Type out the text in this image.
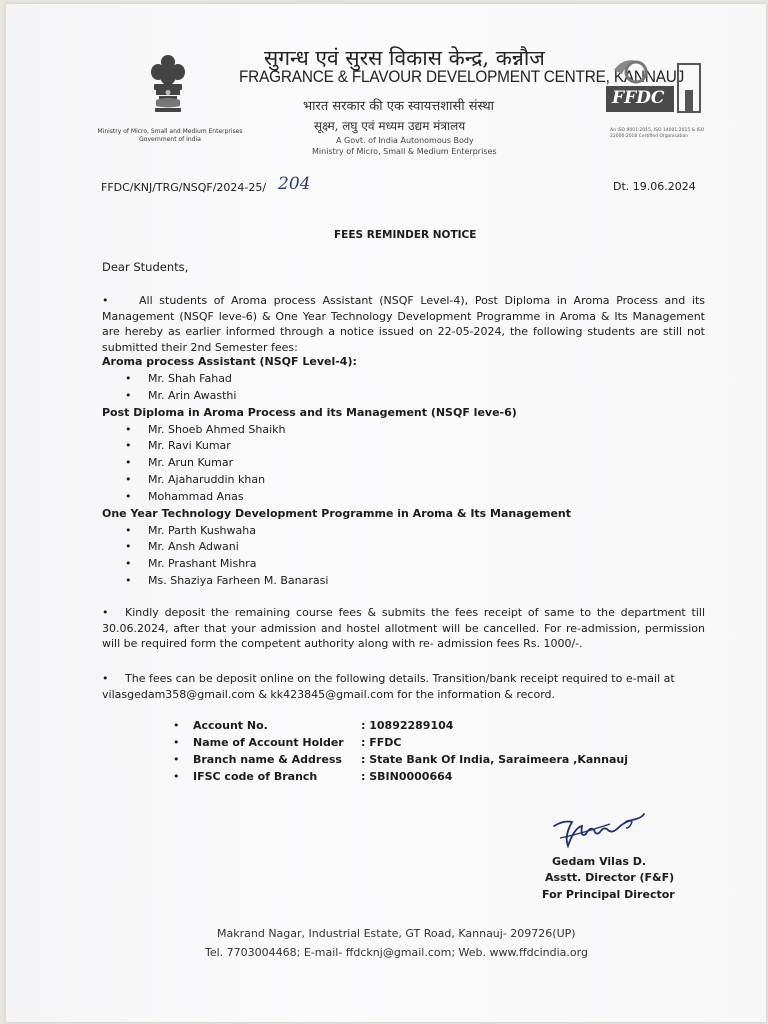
Ministry of Micro, Small and Medium Enterprises
Government of India
सुगन्ध एवं सुरस विकास केन्द्र, कन्नौज
FRAGRANCE & FLAVOUR DEVELOPMENT CENTRE, KANNAUJ
भारत सरकार की एक स्वायत्तशासी संस्था
सूक्ष्म, लघु एवं मध्यम उद्यम मंत्रालय
A Govt. of India Autonomous Body
Ministry of Micro, Small & Medium Enterprises
FFDC
An ISO 9001:2015, ISO 14001:2015 & ISO 22000:2018 Certified Organisation
FFDC/KNJ/TRG/NSQF/2024-25/ 204	Dt. 19.06.2024
FEES REMINDER NOTICE
Dear Students,
•	All students of Aroma process Assistant (NSQF Level-4), Post Diploma in Aroma Process and its Management (NSQF leve-6) & One Year Technology Development Programme in Aroma & Its Management are hereby as earlier informed through a notice issued on 22-05-2024, the following students are still not submitted their 2nd Semester fees:
Aroma process Assistant (NSQF Level-4):
• Mr. Shah Fahad
• Mr. Arin Awasthi
Post Diploma in Aroma Process and its Management (NSQF leve-6)
• Mr. Shoeb Ahmed Shaikh
• Mr. Ravi Kumar
• Mr. Arun Kumar
• Mr. Ajaharuddin khan
• Mohammad Anas
One Year Technology Development Programme in Aroma & Its Management
• Mr. Parth Kushwaha
• Mr. Ansh Adwani
• Mr. Prashant Mishra
• Ms. Shaziya Farheen M. Banarasi
• Kindly deposit the remaining course fees & submits the fees receipt of same to the department till 30.06.2024, after that your admission and hostel allotment will be cancelled. For re-admission, permission will be required form the competent authority along with re- admission fees Rs. 1000/-.
• The fees can be deposit online on the following details. Transition/bank receipt required to e-mail at vilasgedam358@gmail.com & kk423845@gmail.com for the information & record.
• Account No.	: 10892289104
• Name of Account Holder : FFDC
• Branch name & Address : State Bank Of India, Saraimeera ,Kannauj
• IFSC code of Branch	: SBIN0000664
Gedam Vilas D.
Asstt. Director (F&F)
For Principal Director
Makrand Nagar, Industrial Estate, GT Road, Kannauj- 209726(UP)
Tel. 7703004468; E-mail- ffdcknj@gmail.com; Web. www.ffdcindia.org
